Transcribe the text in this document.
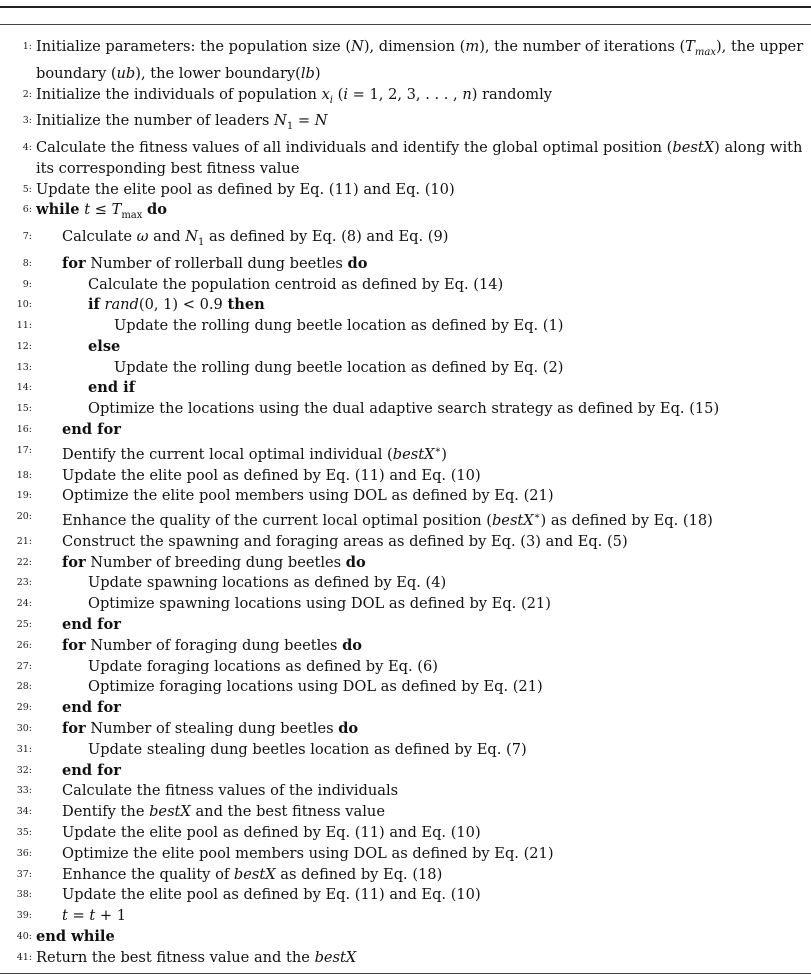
1: Initialize parameters: the population size (N), dimension (m), the number of iterations $(T_{max})$, the upper boundary (ub), the lower boundary(lb)
2: Initialize the individuals of population $x_i$ (i = 1, 2, 3, . . . , n) randomly
3: Initialize the number of leaders $N_1 = N$
4: Calculate the fitness values of all individuals and identify the global optimal position (bestX) along with its corresponding best fitness value
5: Update the elite pool as defined by Eq. (11) and Eq. (10)
6: while $t \le T_{max}$ do
7:	Calculate ω and $N_1$ as defined by Eq. (8) and Eq. (9)
8:	for Number of rollerball dung beetles do
9:	Calculate the population centroid as defined by Eq. (14)
10:	if rand(0, 1) < 0.9 then
11:	Update the rolling dung beetle location as defined by Eq. (1)
12:	else
13:	Update the rolling dung beetle location as defined by Eq. (2)
14:	end if
15:	Optimize the locations using the dual adaptive search strategy as defined by Eq. (15)
16:	end for
17:	Dentify the current local optimal individual (bestX∗)
18:	Update the elite pool as defined by Eq. (11) and Eq. (10)
19:	Optimize the elite pool members using DOL as defined by Eq. (21)
20:	Enhance the quality of the current local optimal position (bestX∗) as defined by Eq. (18)
21:	Construct the spawning and foraging areas as defined by Eq. (3) and Eq. (5)
22:	for Number of breeding dung beetles do
23:	Update spawning locations as defined by Eq. (4)
24:	Optimize spawning locations using DOL as defined by Eq. (21)
25:	end for
26:	for Number of foraging dung beetles do
27:	Update foraging locations as defined by Eq. (6)
28:	Optimize foraging locations using DOL as defined by Eq. (21)
29:	end for
30:	for Number of stealing dung beetles do
31:	Update stealing dung beetles location as defined by Eq. (7)
32:	end for
33:	Calculate the fitness values of the individuals
34:	Dentify the bestX and the best fitness value
35:	Update the elite pool as defined by Eq. (11) and Eq. (10)
36:	Optimize the elite pool members using DOL as defined by Eq. (21)
37:	Enhance the quality of bestX as defined by Eq. (18)
38:	Update the elite pool as defined by Eq. (11) and Eq. (10)
39:	t = t + 1
40: end while
41: Return the best fitness value and the bestX
